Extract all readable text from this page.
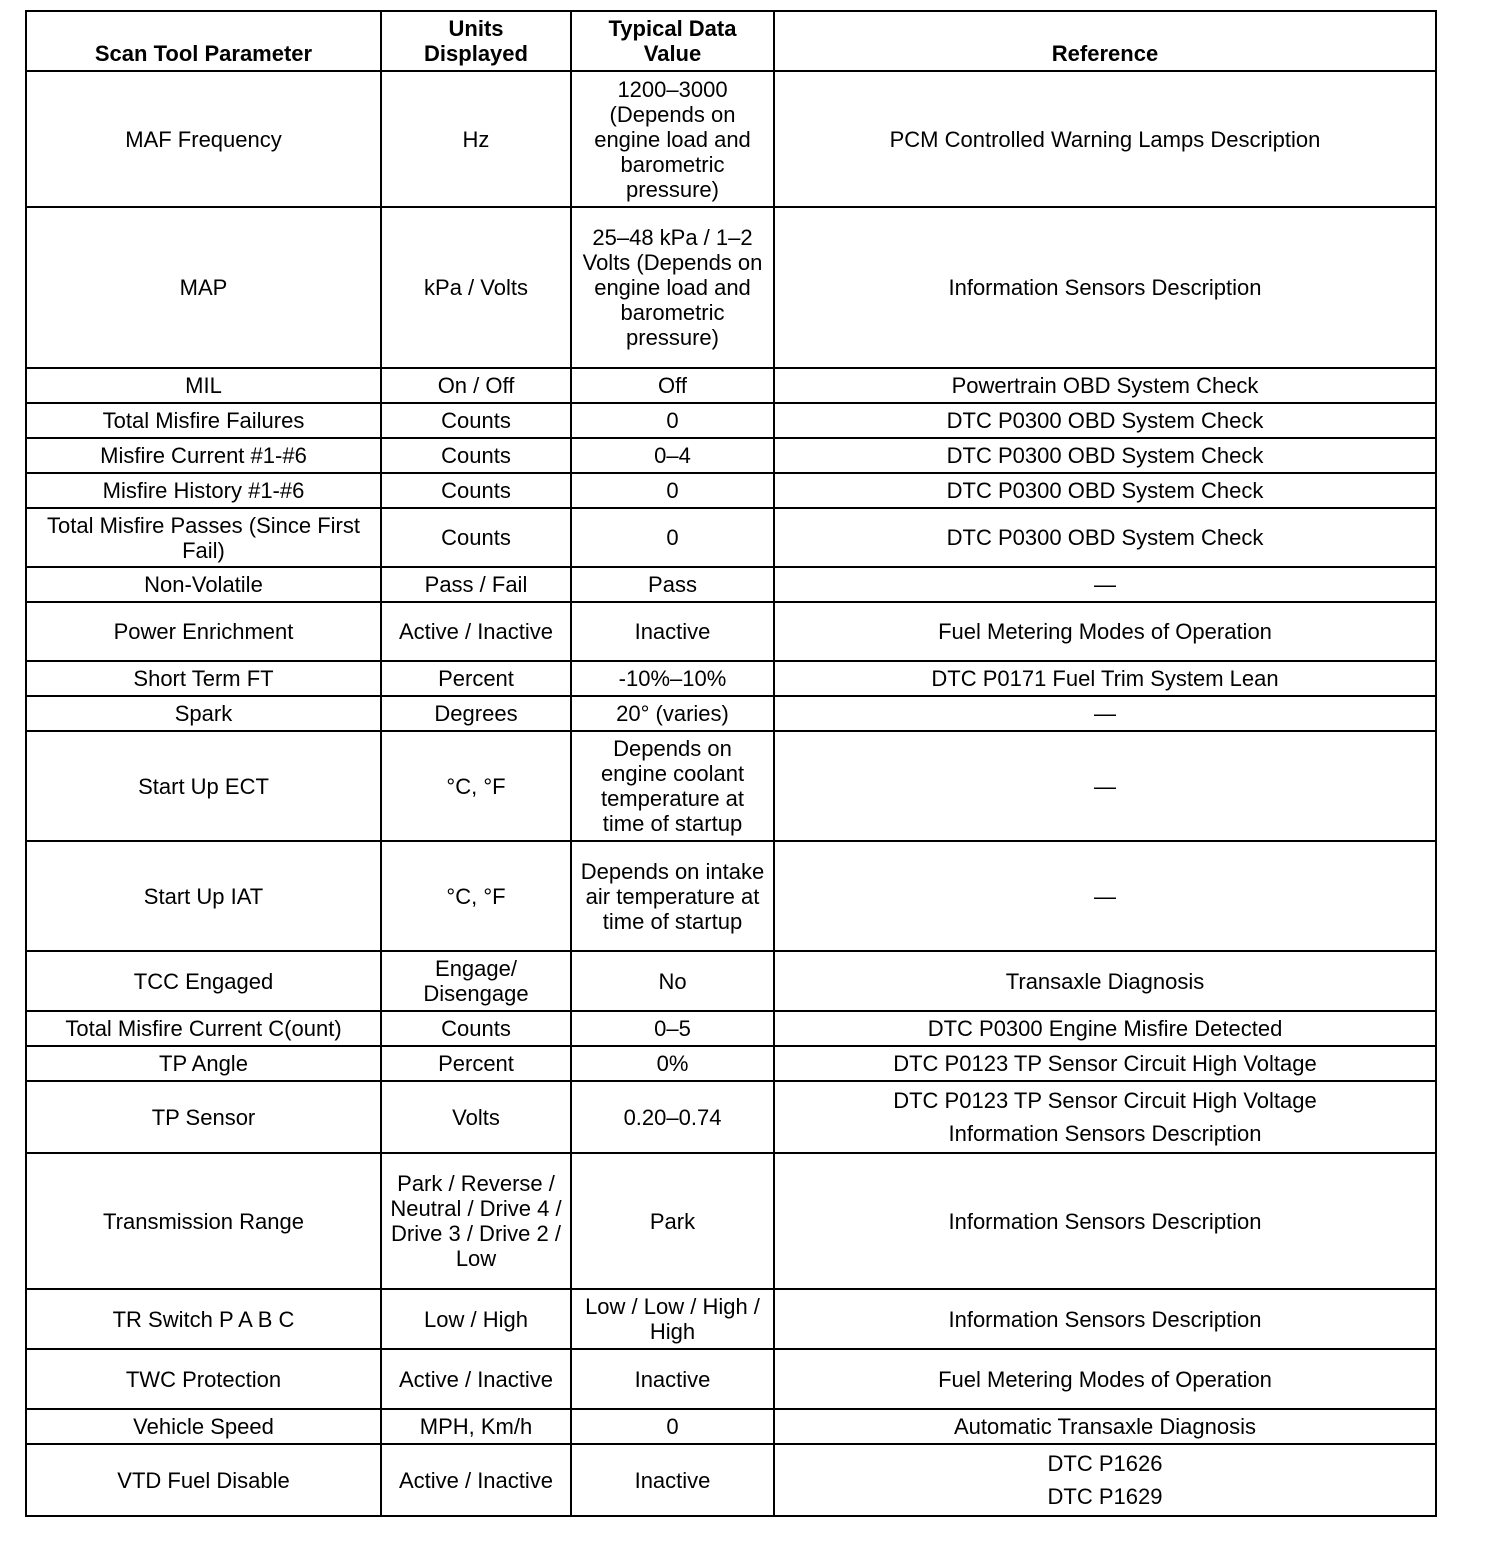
Scan Tool Parameter	Units Displayed	Typical Data Value	Reference
MAF Frequency	Hz	1200–3000 (Depends on engine load and barometric pressure)	PCM Controlled Warning Lamps Description

MAP	kPa / Volts	25–48 kPa / 1–2 Volts (Depends on engine load and barometric pressure)	Information Sensors Description

MIL	On / Off	Off	Powertrain OBD System Check

Total Misfire Failures	Counts	0	DTC P0300 OBD System Check

Misfire Current #1-#6	Counts	0–4	DTC P0300 OBD System Check

Misfire History #1-#6	Counts	0	DTC P0300 OBD System Check

Total Misfire Passes (Since First Fail)	Counts	0	DTC P0300 OBD System Check

Non-Volatile	Pass / Fail	Pass	—

Power Enrichment	Active / Inactive	Inactive	Fuel Metering Modes of Operation

Short Term FT	Percent	-10%–10%	DTC P0171 Fuel Trim System Lean

Spark	Degrees	20° (varies)	—

Start Up ECT	°C, °F	Depends on engine coolant temperature at time of startup	—

Start Up IAT	°C, °F	Depends on intake air temperature at time of startup	—

TCC Engaged	Engage/ Disengage	No	Transaxle Diagnosis

Total Misfire Current C(ount)	Counts	0–5	DTC P0300 Engine Misfire Detected

TP Angle	Percent	0%	DTC P0123 TP Sensor Circuit High Voltage

TP Sensor	Volts	0.20–0.74	DTC P0123 TP Sensor Circuit High Voltage
Information Sensors Description

Transmission Range	Park / Reverse / Neutral / Drive 4 / Drive 3 / Drive 2 / Low	Park	Information Sensors Description

TR Switch P A B C	Low / High	Low / Low / High / High	Information Sensors Description

TWC Protection	Active / Inactive	Inactive	Fuel Metering Modes of Operation

Vehicle Speed	MPH, Km/h	0	Automatic Transaxle Diagnosis

VTD Fuel Disable	Active / Inactive	Inactive	DTC P1626
DTC P1629
